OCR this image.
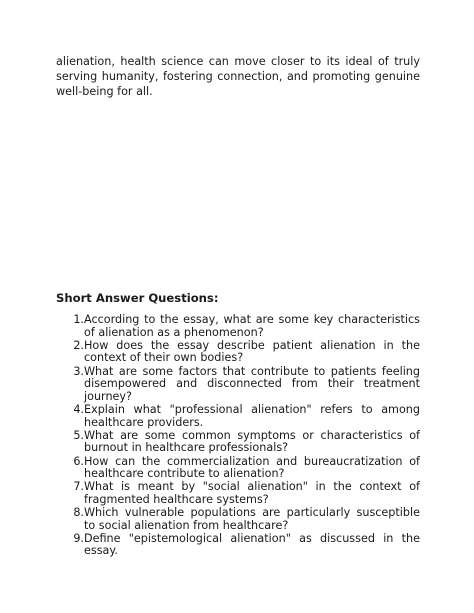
alienation, health science can move closer to its ideal of truly serving humanity, fostering connection, and promoting genuine well-being for all.

Short Answer Questions:
1. According to the essay, what are some key characteristics of alienation as a phenomenon?
2. How does the essay describe patient alienation in the context of their own bodies?
3. What are some factors that contribute to patients feeling disempowered and disconnected from their treatment journey?
4. Explain what "professional alienation" refers to among healthcare providers.
5. What are some common symptoms or characteristics of burnout in healthcare professionals?
6. How can the commercialization and bureaucratization of healthcare contribute to alienation?
7. What is meant by "social alienation" in the context of fragmented healthcare systems?
8. Which vulnerable populations are particularly susceptible to social alienation from healthcare?
9. Define "epistemological alienation" as discussed in the essay.
